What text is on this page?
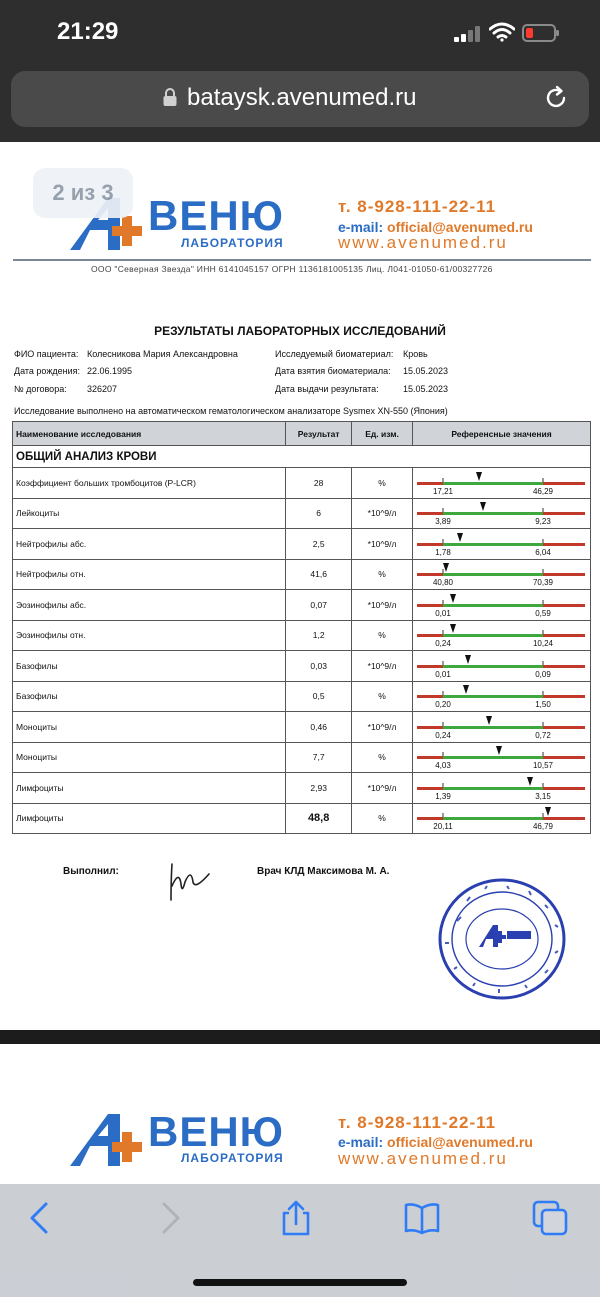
21:29
bataysk.avenumed.ru
ВЕНЮ
ЛАБОРАТОРИЯ
т. 8-928-111-22-11
e-mail: official@avenumed.ru
www.avenumed.ru
ООО "Северная Звезда" ИНН 6141045157 ОГРН 1136181005135 Лиц. Л041-01050-61/00327726
2 из 3
РЕЗУЛЬТАТЫ ЛАБОРАТОРНЫХ ИССЛЕДОВАНИЙ
ФИО пациента: Колесникова Мария Александровна
Дата рождения: 22.06.1995
№ договора: 326207
Исследуемый биоматериал: Кровь
Дата взятия биоматериала: 15.05.2023
Дата выдачи результата:	15.05.2023
Исследование выполнено на автоматическом гематологическом анализаторе Sysmex XN-550 (Япония)
Наименование исследования	Результат	Ед. изм.	Референсные значения
ОБЩИЙ АНАЛИЗ КРОВИ			
Коэффициент больших тромбоцитов (P-LCR)	28	%	17,21 46,29

Лейкоциты	6	*10^9/л	3,89 9,23

Нейтрофилы абс.	2,5	*10^9/л	1,78 6,04

Нейтрофилы отн.	41,6	%	40,80 70,39

Эозинофилы абс.	0,07	*10^9/л	0,01 0,59

Эозинофилы отн.	1,2	%	0,24 10,24

Базофилы	0,03	*10^9/л	0,01 0,09

Базофилы	0,5	%	0,20 1,50

Моноциты	0,46	*10^9/л	0,24 0,72

Моноциты	7,7	%	4,03 10,57

Лимфоциты	2,93	*10^9/л	1,39 3,15

Лимфоциты	48,8	%	20,11 46,79
Выполнил:	Врач КЛД Максимова М. А.
ВЕНЮ
ЛАБОРАТОРИЯ
т. 8-928-111-22-11
e-mail: official@avenumed.ru
www.avenumed.ru
